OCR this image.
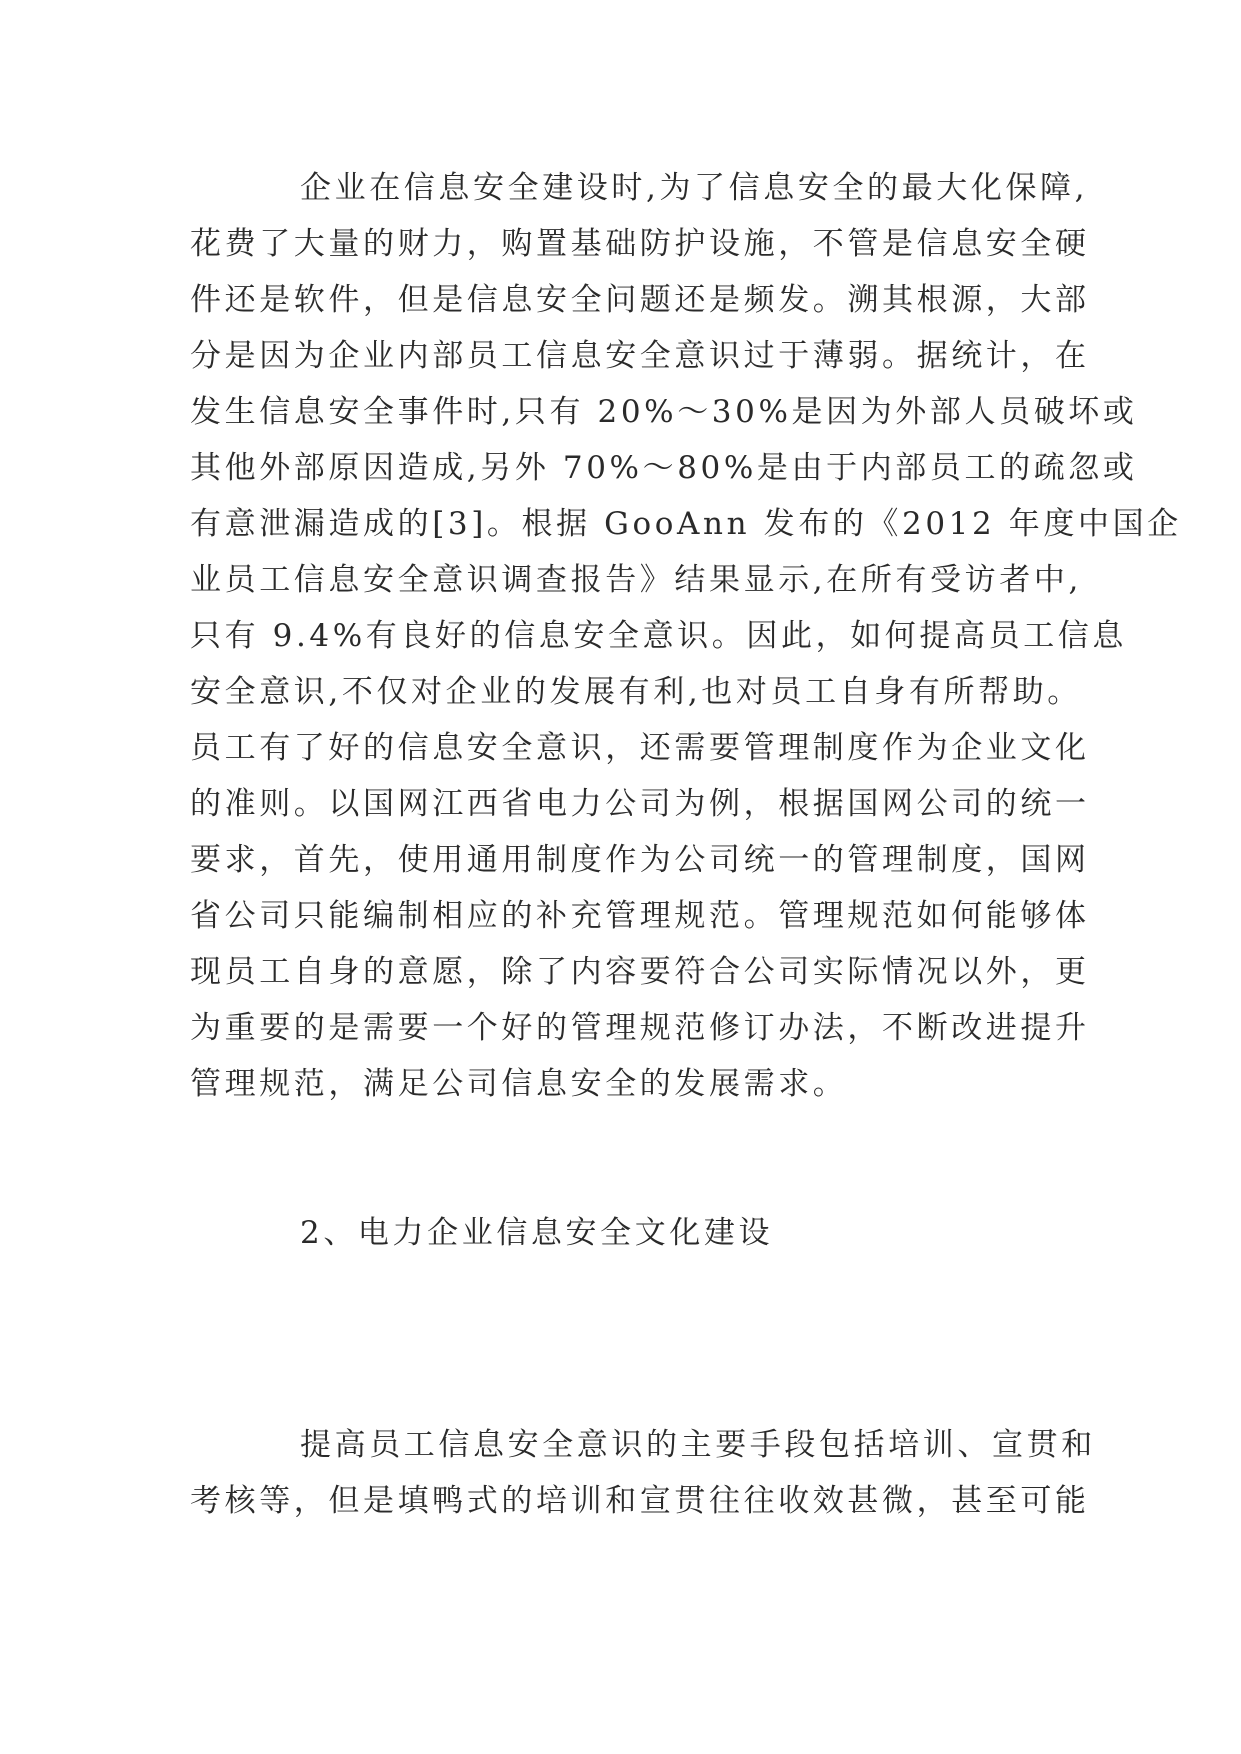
企业在信息安全建设时,为了信息安全的最大化保障,

花费了大量的财力，购置基础防护设施，不管是信息安全硬

件还是软件，但是信息安全问题还是频发。溯其根源，大部

分是因为企业内部员工信息安全意识过于薄弱。据统计，在

发生信息安全事件时,只有 20%～30%是因为外部人员破坏或

其他外部原因造成,另外 70%～80%是由于内部员工的疏忽或

有意泄漏造成的[3]。根据 GooAnn 发布的《2012 年度中国企

业员工信息安全意识调查报告》结果显示,在所有受访者中,

只有 9.4%有良好的信息安全意识。因此，如何提高员工信息

安全意识,不仅对企业的发展有利,也对员工自身有所帮助。

员工有了好的信息安全意识，还需要管理制度作为企业文化

的准则。以国网江西省电力公司为例，根据国网公司的统一

要求，首先，使用通用制度作为公司统一的管理制度，国网

省公司只能编制相应的补充管理规范。管理规范如何能够体

现员工自身的意愿，除了内容要符合公司实际情况以外，更

为重要的是需要一个好的管理规范修订办法，不断改进提升

管理规范，满足公司信息安全的发展需求。

2、电力企业信息安全文化建设

提高员工信息安全意识的主要手段包括培训、宣贯和

考核等，但是填鸭式的培训和宣贯往往收效甚微，甚至可能
